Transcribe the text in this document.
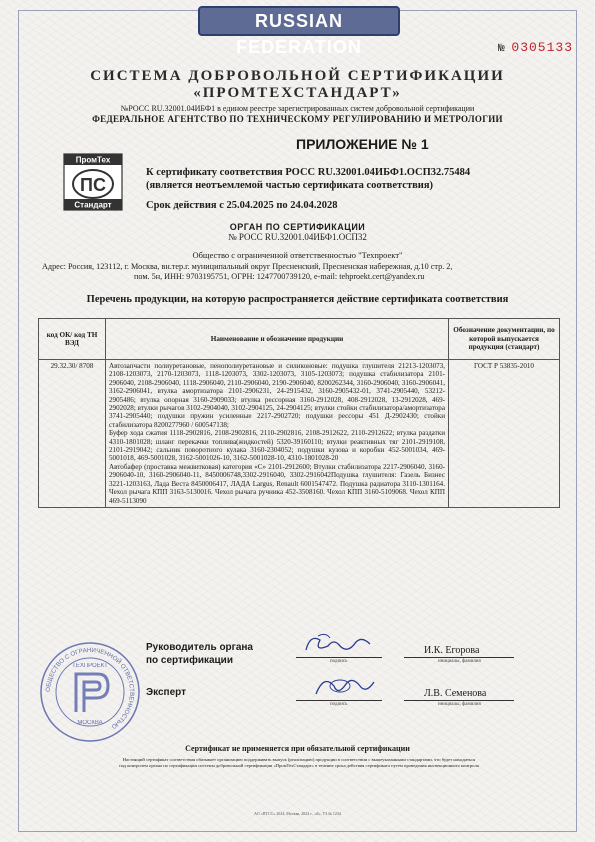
RUSSIAN FEDERATION	№ 0305133
СИСТЕМА ДОБРОВОЛЬНОЙ СЕРТИФИКАЦИИ
«ПРОМТЕХСТАНДАРТ»
№РОСС RU.32001.04ИБФ1 в едином реестре зарегистрированных систем добровольной сертификации
ФЕДЕРАЛЬНОЕ АГЕНТСТВО ПО ТЕХНИЧЕСКОМУ РЕГУЛИРОВАНИЮ И МЕТРОЛОГИИ
ПРИЛОЖЕНИЕ № 1
ПромТех
ПС
Стандарт
К сертификату соответствия РОСС RU.32001.04ИБФ1.ОСП32.75484
(является неотъемлемой частью сертификата соответствия)
Срок действия с 25.04.2025 по 24.04.2028
ОРГАН ПО СЕРТИФИКАЦИИ
№ РОСС RU.32001.04ИБФ1.ОСП32
Общество с ограниченной ответственностью "Техпроект"
Адрес: Россия, 123112, г. Москва, вн.тер.г. муниципальный округ Пресненский, Пресненская набережная, д.10 стр. 2,
пом. 5н, ИНН: 9703195751, ОГРН: 1247700739120, e-mail: tehproekt.cert@yandex.ru
Перечень продукции, на которую распространяется действие сертификата соответствия
код ОК/ код ТН ВЭД	Наименование и обозначение продукции	Обозначение документации, по которой выпускается продукция (стандарт)
29.32.30/ 8708	Автозапчасти полиуретановые, пенополиуретановые и силиконовые: подушка глушителя 21213-1203073, 2108-1203073, 2170-1203073, 1118-1203073, 3302-1203073, 3105-1203073; подушка стабилизатора 2101-2906040, 2108-2906040, 1118-2906040, 2110-2906040, 2190-2906040, 8200262344, 3160-2906040, 3160-2906041, 3162-2906041, втулка амортизатора 2101-2906231, 24-2915432, 3160-2905432-01, 3741-2905440, 53212-2905486; втулка опорная 3160-2909033; втулка рессорная 3160-2912028, 408-2912028, 13-2912028, 469-2902028; втулки рычагов 3102-2904040, 3102-2904125, 24-2904125; втулки стойки стабилизатора/амортизатора 3741-2905440; подушки пружин усиленные 2217-2902720; подушки рессоры 451 Д-2902430; стойки стабилизатора 8200277960 / 600547138;
Буфер хода сжатия 1118-2902816, 2108-2902816, 2110-2902816, 2108-2912622, 2110-2912622; втулка раздатки 4310-1801028; шланг перекачки топлива(жидкостей) 5320-39160110; втулки реактивных тяг 2101-2919108, 2101-2919042; сальник поворотного кулака 3160-2304052; подушки кузова и коробки 452-5001034, 469-5001018, 469-5001028, 3162-5001026-10, 3162-5001028-10, 4310-1801028-20
Автобафер (проставка межвитковая) категория «С» 2101-2912600; Втулки стабилизатора 2217-2906040, 3160-2906040-10, 3160-2906040-11, 8450006748,3302-2916040, 3302-2916042Подушка глушителя: Газель Бизнес 3221-1203163, Лада Веста 8450006417, ЛАДА Largus, Renault 6001547472. Подушка радиатора 3110-1301164. Чехол рычага КПП 3163-5130016. Чехол рычага ручника 452-3508160. Чехол КПП 3160-5109068. Чехол КПП 469-5113090	ГОСТ Р 53835-2010
ОБЩЕСТВО С ОГРАНИЧЕННОЙ ОТВЕТСТВЕННОСТЬЮ
МОСКВА
ТЕХПРОЕКТ
Руководитель органа
по сертификации	подпись
И.К. Егорова
инициалы, фамилия
Эксперт
подпись
Л.В. Семенова
инициалы, фамилия
Сертификат не применяется при обязательной сертификации
Настоящий сертификат соответствия обязывает организацию поддерживать выпуск (реализацию) продукции в соответствии с вышеуказанными стандартами, что будет находиться
под контролем органа по сертификации системы добровольной сертификации «ПромТехСтандарт» в течение срока действия сертификата путем проведения инспекционного контроля
АО «ПТСС» 2024, Москва, 2024 г., «Б», ТЗ № 1234
